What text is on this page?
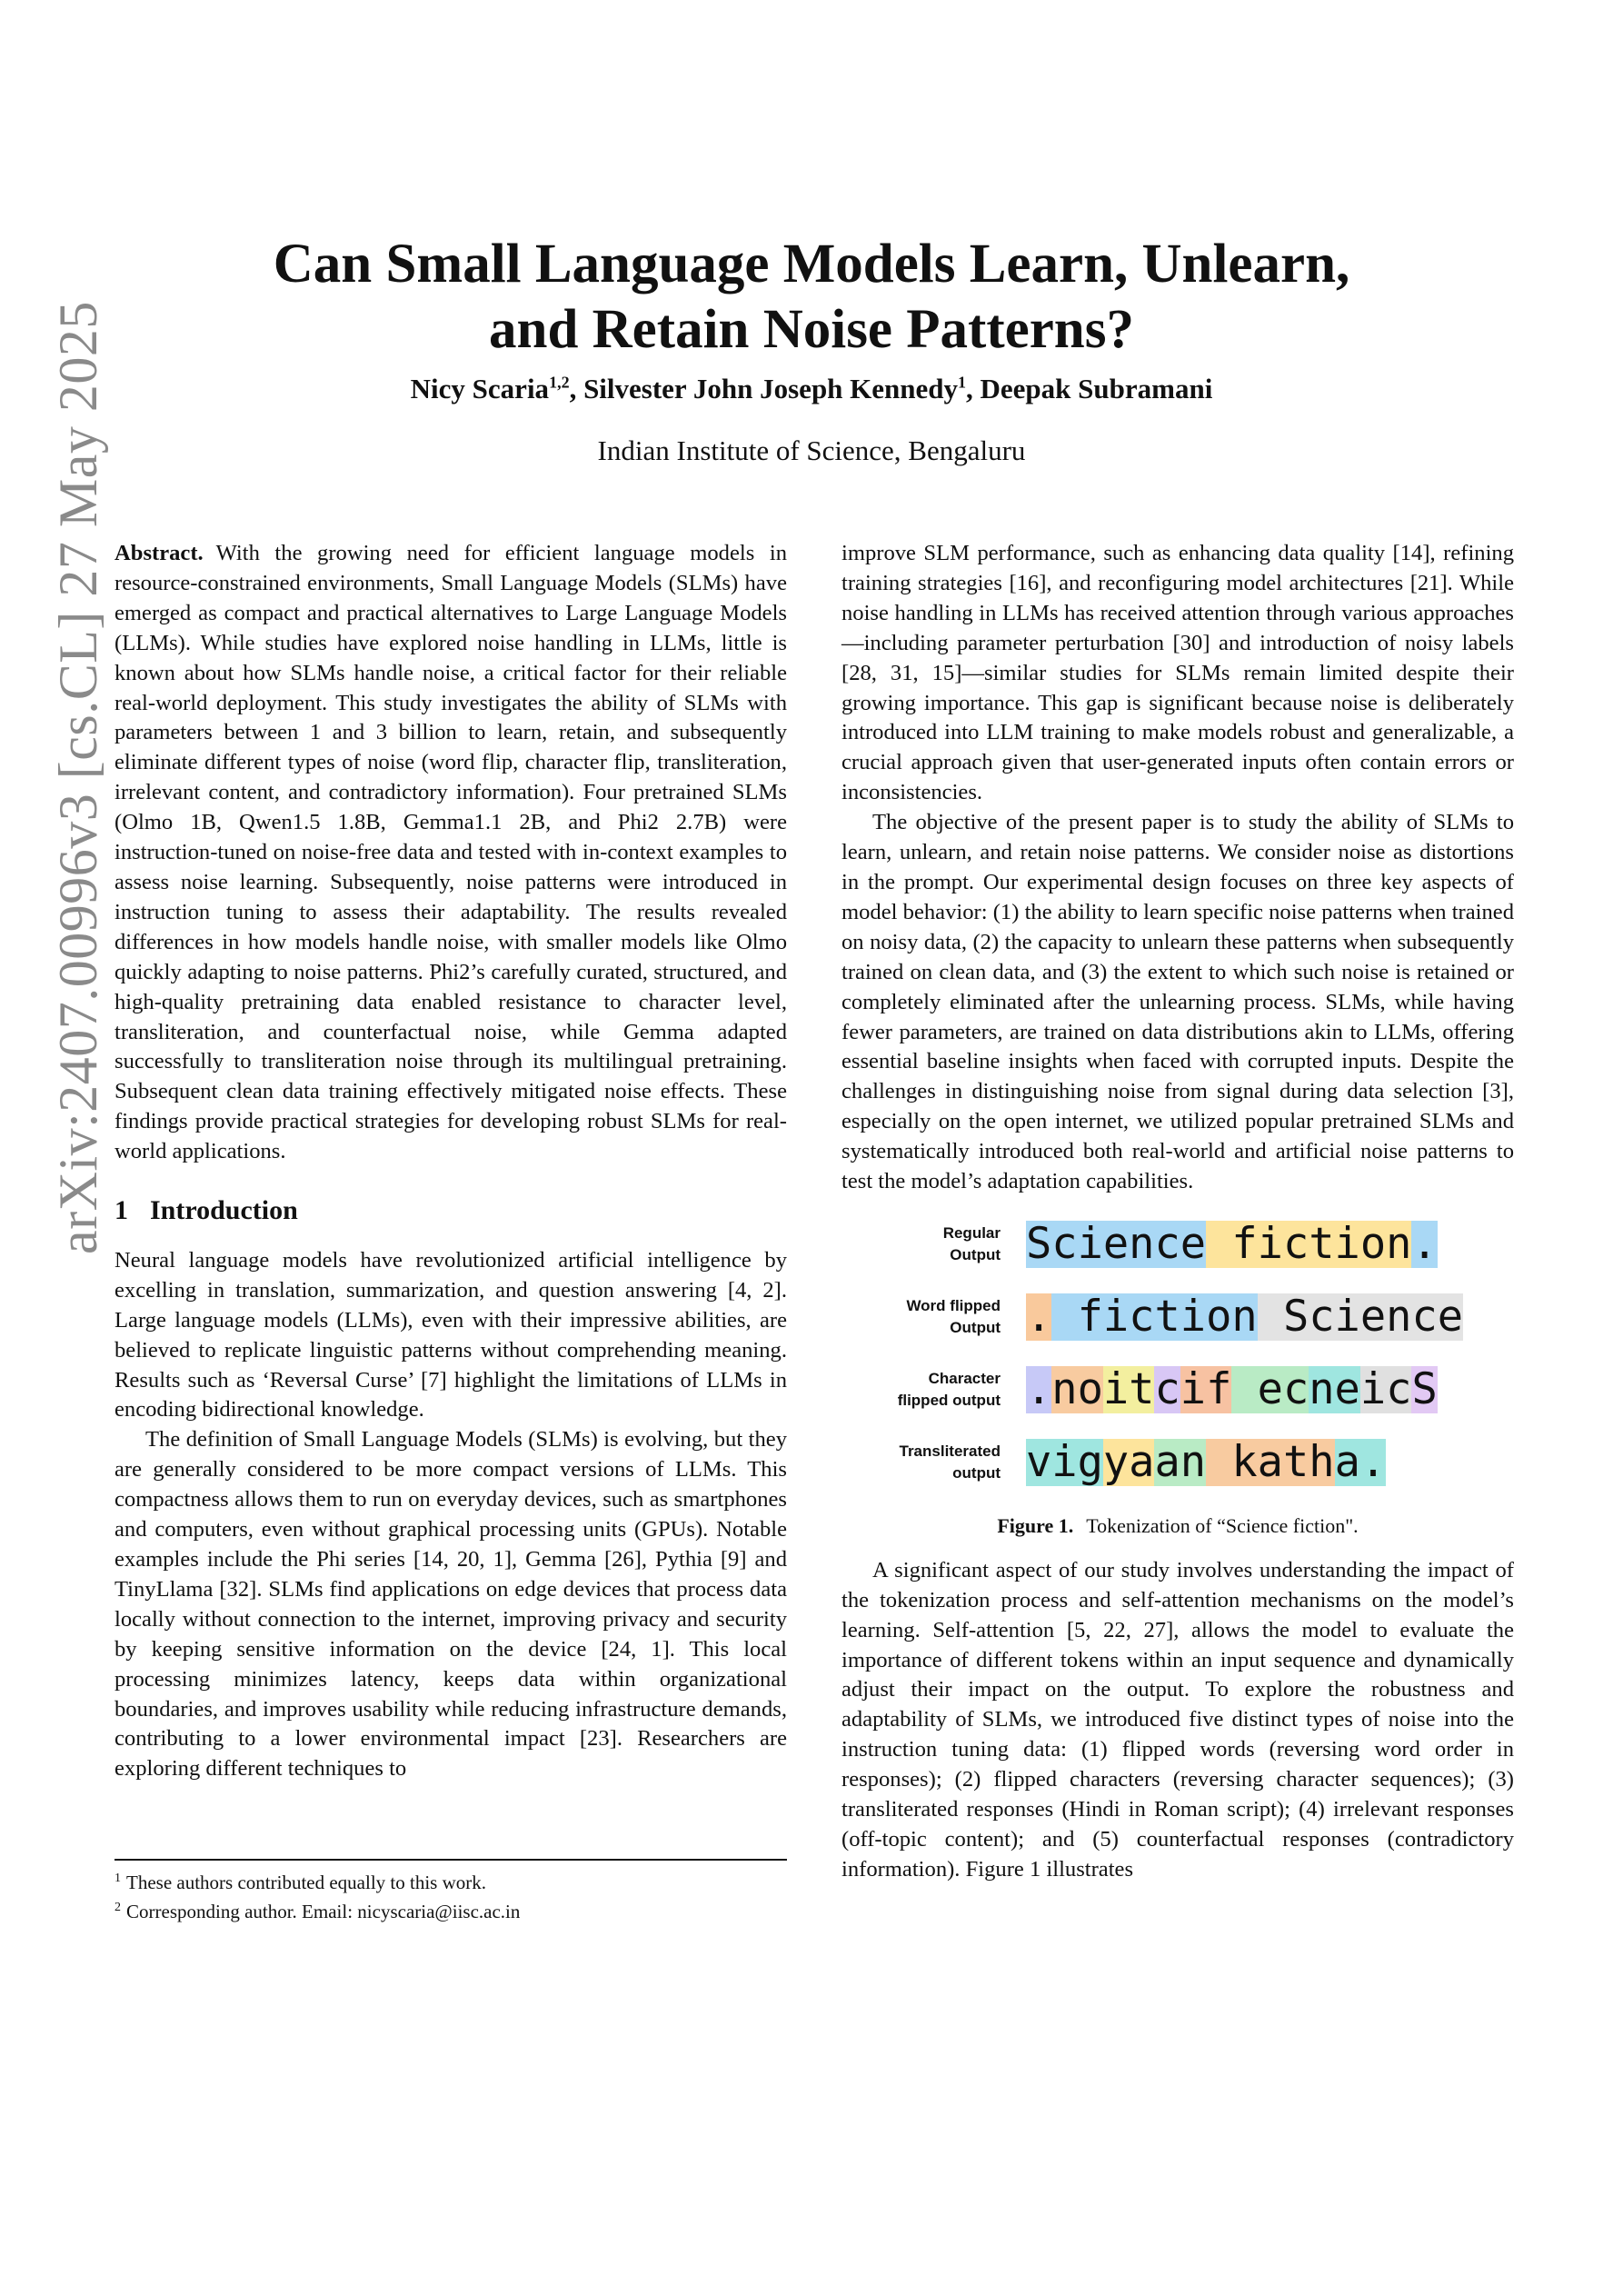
arXiv:2407.00996v3 [cs.CL] 27 May 2025
Can Small Language Models Learn, Unlearn,
and Retain Noise Patterns?
Nicy Scaria$^{1,2}$, Silvester John Joseph Kennedy$^1$, Deepak Subramani
Indian Institute of Science, Bengaluru

Abstract. With the growing need for efficient language models in resource-constrained environments, Small Language Models (SLMs) have emerged as compact and practical alternatives to Large Language Models (LLMs). While studies have explored noise handling in LLMs, little is known about how SLMs handle noise, a critical factor for their reliable real-world deployment. This study investigates the ability of SLMs with parameters between 1 and 3 billion to learn, retain, and subsequently eliminate different types of noise (word flip, character flip, transliteration, irrelevant content, and contradictory information). Four pretrained SLMs (Olmo 1B, Qwen1.5 1.8B, Gemma1.1 2B, and Phi2 2.7B) were instruction-tuned on noise-free data and tested with in-context examples to assess noise learning. Subsequently, noise patterns were introduced in instruction tuning to assess their adaptability. The results revealed differences in how models handle noise, with smaller models like Olmo quickly adapting to noise patterns. Phi2’s carefully curated, structured, and high-quality pretraining data enabled resistance to character level, transliteration, and counterfactual noise, while Gemma adapted successfully to transliteration noise through its multilingual pretraining. Subsequent clean data training effectively mitigated noise effects. These findings provide practical strategies for developing robust SLMs for real-world applications.

1 Introduction

Neural language models have revolutionized artificial intelligence by excelling in translation, summarization, and question answering [4, 2]. Large language models (LLMs), even with their impressive abilities, are believed to replicate linguistic patterns without comprehending meaning. Results such as ‘Reversal Curse’ [7] highlight the limitations of LLMs in encoding bidirectional knowledge.

The definition of Small Language Models (SLMs) is evolving, but they are generally considered to be more compact versions of LLMs. This compactness allows them to run on everyday devices, such as smartphones and computers, even without graphical processing units (GPUs). Notable examples include the Phi series [14, 20, 1], Gemma [26], Pythia [9] and TinyLlama [32]. SLMs find applications on edge devices that process data locally without connection to the internet, improving privacy and security by keeping sensitive information on the device [24, 1]. This local processing minimizes latency, keeps data within organizational boundaries, and improves usability while reducing infrastructure demands, contributing to a lower environmental impact [23]. Researchers are exploring different techniques to

$^1$ These authors contributed equally to this work.
$^2$ Corresponding author. Email: nicyscaria@iisc.ac.in

improve SLM performance, such as enhancing data quality [14], refining training strategies [16], and reconfiguring model architectures [21]. While noise handling in LLMs has received attention through various approaches—including parameter perturbation [30] and introduction of noisy labels [28, 31, 15]—similar studies for SLMs remain limited despite their growing importance. This gap is significant because noise is deliberately introduced into LLM training to make models robust and generalizable, a crucial approach given that user-generated inputs often contain errors or inconsistencies.

The objective of the present paper is to study the ability of SLMs to learn, unlearn, and retain noise patterns. We consider noise as distortions in the prompt. Our experimental design focuses on three key aspects of model behavior: (1) the ability to learn specific noise patterns when trained on noisy data, (2) the capacity to unlearn these patterns when subsequently trained on clean data, and (3) the extent to which such noise is retained or completely eliminated after the unlearning process. SLMs, while having fewer parameters, are trained on data distributions akin to LLMs, offering essential baseline insights when faced with corrupted inputs. Despite the challenges in distinguishing noise from signal during data selection [3], especially on the open internet, we utilized popular pretrained SLMs and systematically introduced both real-world and artificial noise patterns to test the model’s adaptation capabilities.

Regular
Output Science fiction .
Word flipped
Output . fiction Science
Character
flipped output . no it c if ec ne ic S
Transliterated
output vig ya an kath a.
Figure 1. Tokenization of “Science fiction".

A significant aspect of our study involves understanding the impact of the tokenization process and self-attention mechanisms on the model’s learning. Self-attention [5, 22, 27], allows the model to evaluate the importance of different tokens within an input sequence and dynamically adjust their impact on the output. To explore the robustness and adaptability of SLMs, we introduced five distinct types of noise into the instruction tuning data: (1) flipped words (reversing word order in responses); (2) flipped characters (reversing character sequences); (3) transliterated responses (Hindi in Roman script); (4) irrelevant responses (off-topic content); and (5) counterfactual responses (contradictory information). Figure 1 illustrates
